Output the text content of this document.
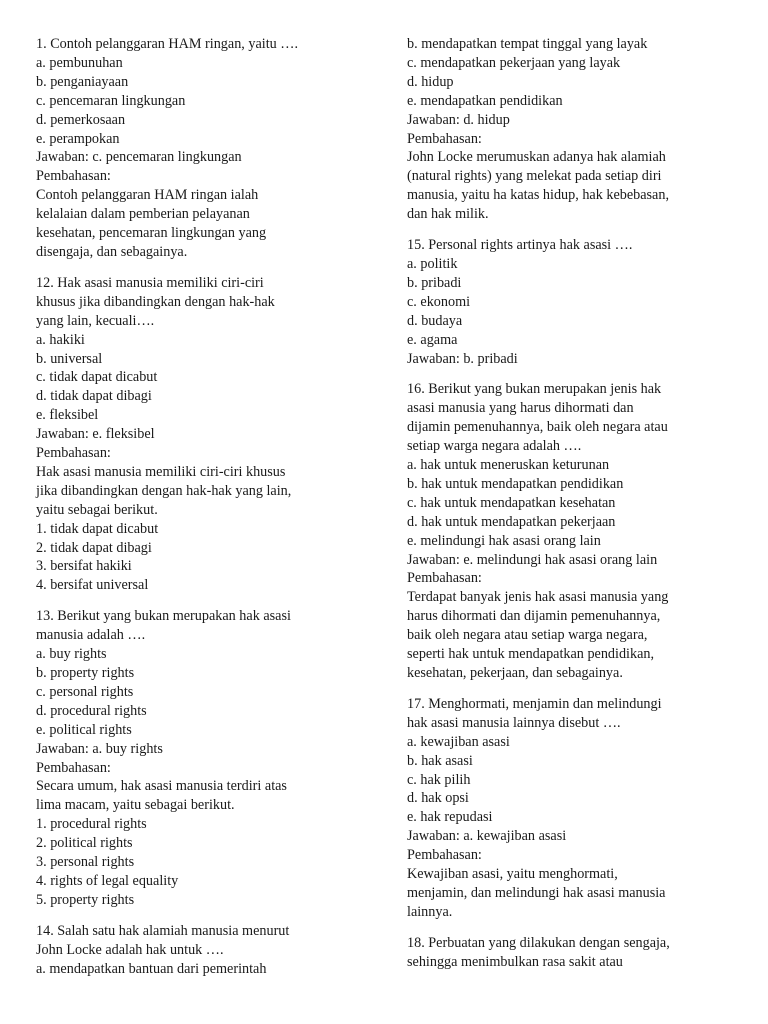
1. Contoh pelanggaran HAM ringan, yaitu ….
a. pembunuhan
b. penganiayaan
c. pencemaran lingkungan
d. pemerkosaan
e. perampokan
Jawaban: c. pencemaran lingkungan
Pembahasan:
Contoh pelanggaran HAM ringan ialah
kelalaian dalam pemberian pelayanan
kesehatan, pencemaran lingkungan yang
disengaja, dan sebagainya.
12. Hak asasi manusia memiliki ciri-ciri
khusus jika dibandingkan dengan hak-hak
yang lain, kecuali….
a. hakiki
b. universal
c. tidak dapat dicabut
d. tidak dapat dibagi
e. fleksibel
Jawaban: e. fleksibel
Pembahasan:
Hak asasi manusia memiliki ciri-ciri khusus
jika dibandingkan dengan hak-hak yang lain,
yaitu sebagai berikut.
1. tidak dapat dicabut
2. tidak dapat dibagi
3. bersifat hakiki
4. bersifat universal
13. Berikut yang bukan merupakan hak asasi
manusia adalah ….
a. buy rights
b. property rights
c. personal rights
d. procedural rights
e. political rights
Jawaban: a. buy rights
Pembahasan:
Secara umum, hak asasi manusia terdiri atas
lima macam, yaitu sebagai berikut.
1. procedural rights
2. political rights
3. personal rights
4. rights of legal equality
5. property rights
14. Salah satu hak alamiah manusia menurut
John Locke adalah hak untuk ….
a. mendapatkan bantuan dari pemerintah
b. mendapatkan tempat tinggal yang layak
c. mendapatkan pekerjaan yang layak
d. hidup
e. mendapatkan pendidikan
Jawaban: d. hidup
Pembahasan:
John Locke merumuskan adanya hak alamiah
(natural rights) yang melekat pada setiap diri
manusia, yaitu ha katas hidup, hak kebebasan,
dan hak milik.
15. Personal rights artinya hak asasi ….
a. politik
b. pribadi
c. ekonomi
d. budaya
e. agama
Jawaban: b. pribadi
16. Berikut yang bukan merupakan jenis hak
asasi manusia yang harus dihormati dan
dijamin pemenuhannya, baik oleh negara atau
setiap warga negara adalah ….
a. hak untuk meneruskan keturunan
b. hak untuk mendapatkan pendidikan
c. hak untuk mendapatkan kesehatan
d. hak untuk mendapatkan pekerjaan
e. melindungi hak asasi orang lain
Jawaban: e. melindungi hak asasi orang lain
Pembahasan:
Terdapat banyak jenis hak asasi manusia yang
harus dihormati dan dijamin pemenuhannya,
baik oleh negara atau setiap warga negara,
seperti hak untuk mendapatkan pendidikan,
kesehatan, pekerjaan, dan sebagainya.
17. Menghormati, menjamin dan melindungi
hak asasi manusia lainnya disebut ….
a. kewajiban asasi
b. hak asasi
c. hak pilih
d. hak opsi
e. hak repudasi
Jawaban: a. kewajiban asasi
Pembahasan:
Kewajiban asasi, yaitu menghormati,
menjamin, dan melindungi hak asasi manusia
lainnya.
18. Perbuatan yang dilakukan dengan sengaja,
sehingga menimbulkan rasa sakit atau
